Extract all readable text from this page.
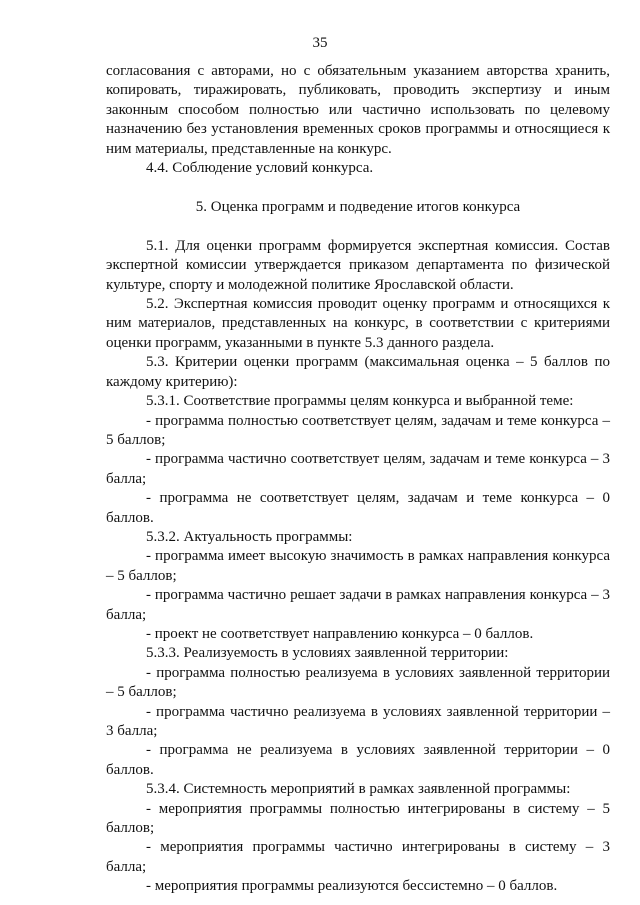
35

согласования с авторами, но с обязательным указанием авторства хранить, копировать, тиражировать, публиковать, проводить экспертизу и иным законным способом полностью или частично использовать по целевому назначению без установления временных сроков программы и относящиеся к ним материалы, представленные на конкурс.

4.4. Соблюдение условий конкурса.

5. Оценка программ и подведение итогов конкурса

5.1. Для оценки программ формируется экспертная комиссия. Состав экспертной комиссии утверждается приказом департамента по физической культуре, спорту и молодежной политике Ярославской области.

5.2. Экспертная комиссия проводит оценку программ и относящихся к ним материалов, представленных на конкурс, в соответствии с критериями оценки программ, указанными в пункте 5.3 данного раздела.

5.3. Критерии оценки программ (максимальная оценка – 5 баллов по каждому критерию):

5.3.1. Соответствие программы целям конкурса и выбранной теме:

- программа полностью соответствует целям, задачам и теме конкурса – 5 баллов;

- программа частично соответствует целям, задачам и теме конкурса – 3 балла;

- программа не соответствует целям, задачам и теме конкурса – 0 баллов.

5.3.2. Актуальность программы:

- программа имеет высокую значимость в рамках направления конкурса – 5 баллов;

- программа частично решает задачи в рамках направления конкурса – 3 балла;

- проект не соответствует направлению конкурса – 0 баллов.

5.3.3. Реализуемость в условиях заявленной территории:

- программа полностью реализуема в условиях заявленной территории – 5 баллов;

- программа частично реализуема в условиях заявленной территории – 3 балла;

- программа не реализуема в условиях заявленной территории – 0 баллов.

5.3.4. Системность мероприятий в рамках заявленной программы:

- мероприятия программы полностью интегрированы в систему – 5 баллов;

- мероприятия программы частично интегрированы в систему – 3 балла;

- мероприятия программы реализуются бессистемно – 0 баллов.
